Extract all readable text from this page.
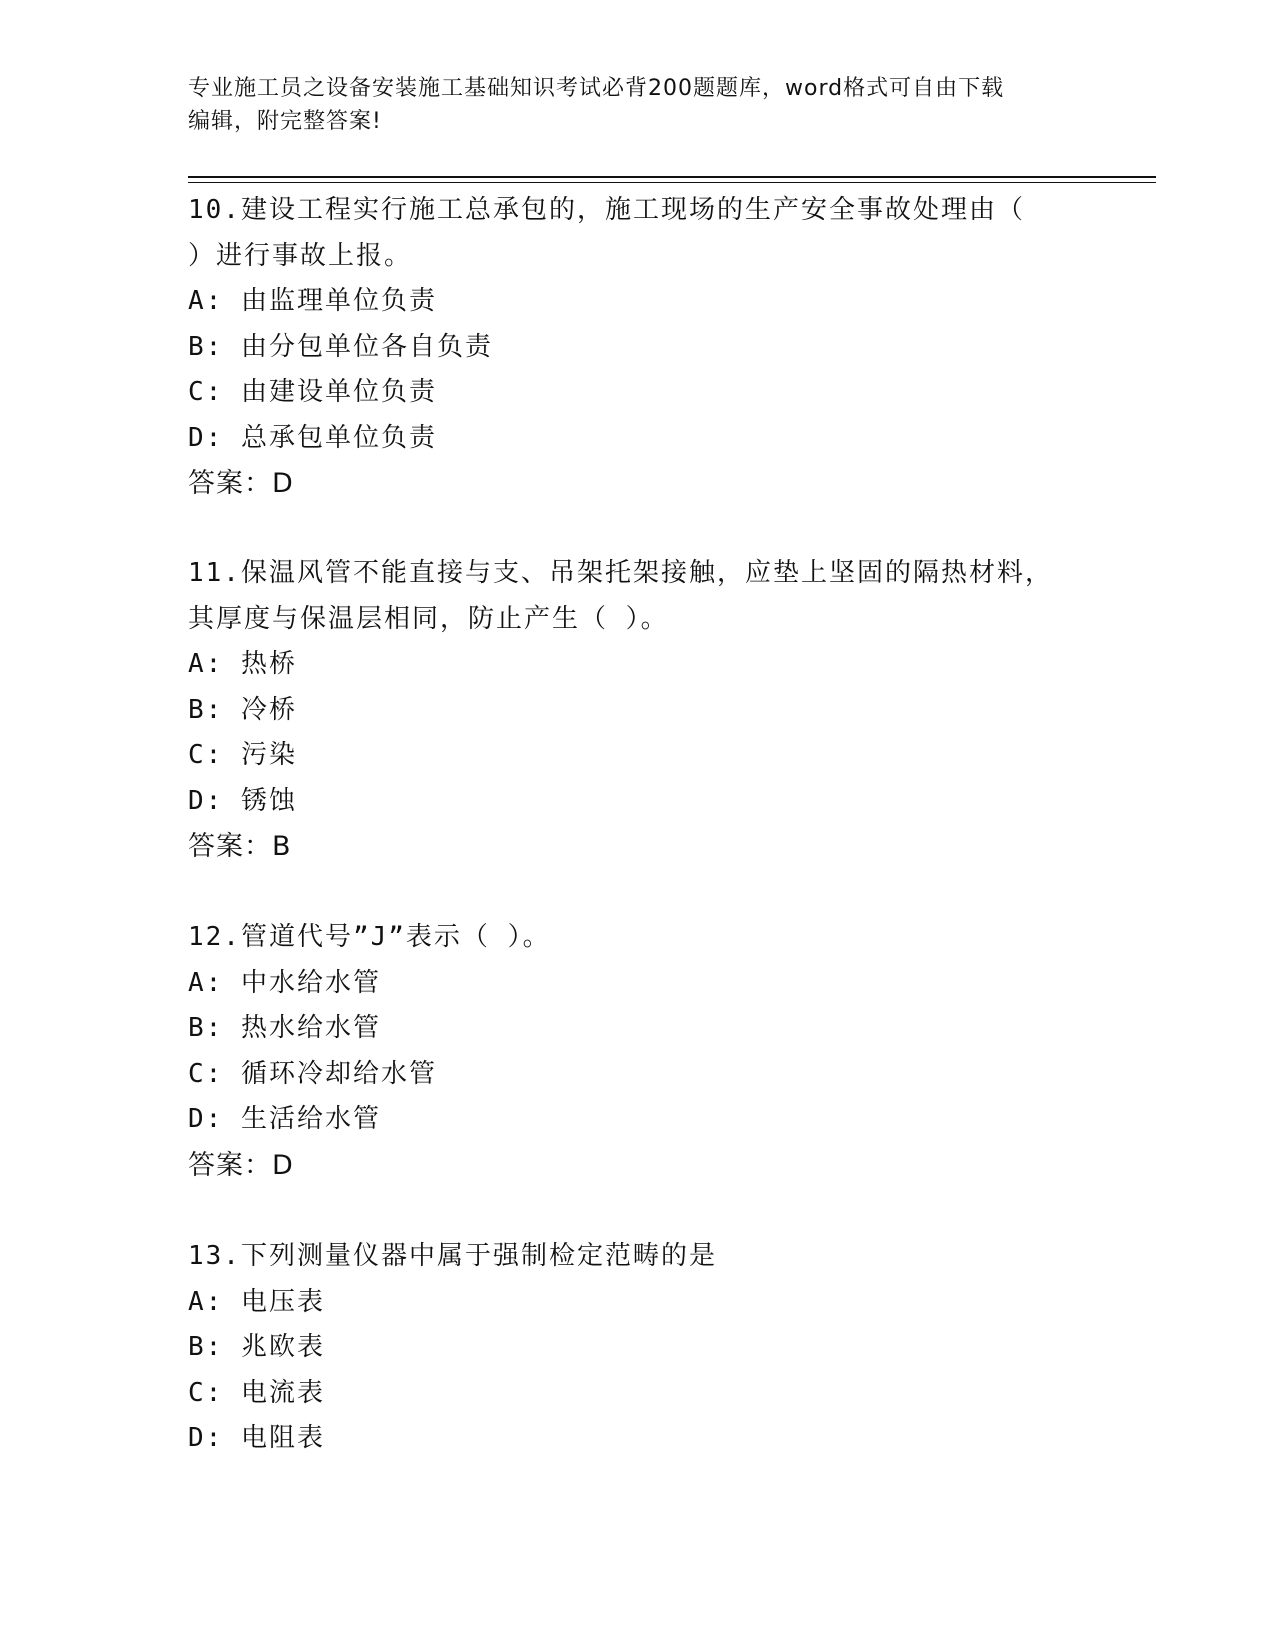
专业施工员之设备安装施工基础知识考试必背200题题库，word格式可自由下载
编辑，附完整答案!
10.建设工程实行施工总承包的，施工现场的生产安全事故处理由（
）进行事故上报。
A: 由监理单位负责
B: 由分包单位各自负责
C: 由建设单位负责
D: 总承包单位负责
答案：D
11.保温风管不能直接与支、吊架托架接触，应垫上坚固的隔热材料，
其厚度与保温层相同，防止产生（ ）。
A: 热桥
B: 冷桥
C: 污染
D: 锈蚀
答案：B
12.管道代号”J”表示（ ）。
A: 中水给水管
B: 热水给水管
C: 循环冷却给水管
D: 生活给水管
答案：D
13.下列测量仪器中属于强制检定范畴的是
A: 电压表
B: 兆欧表
C: 电流表
D: 电阻表
